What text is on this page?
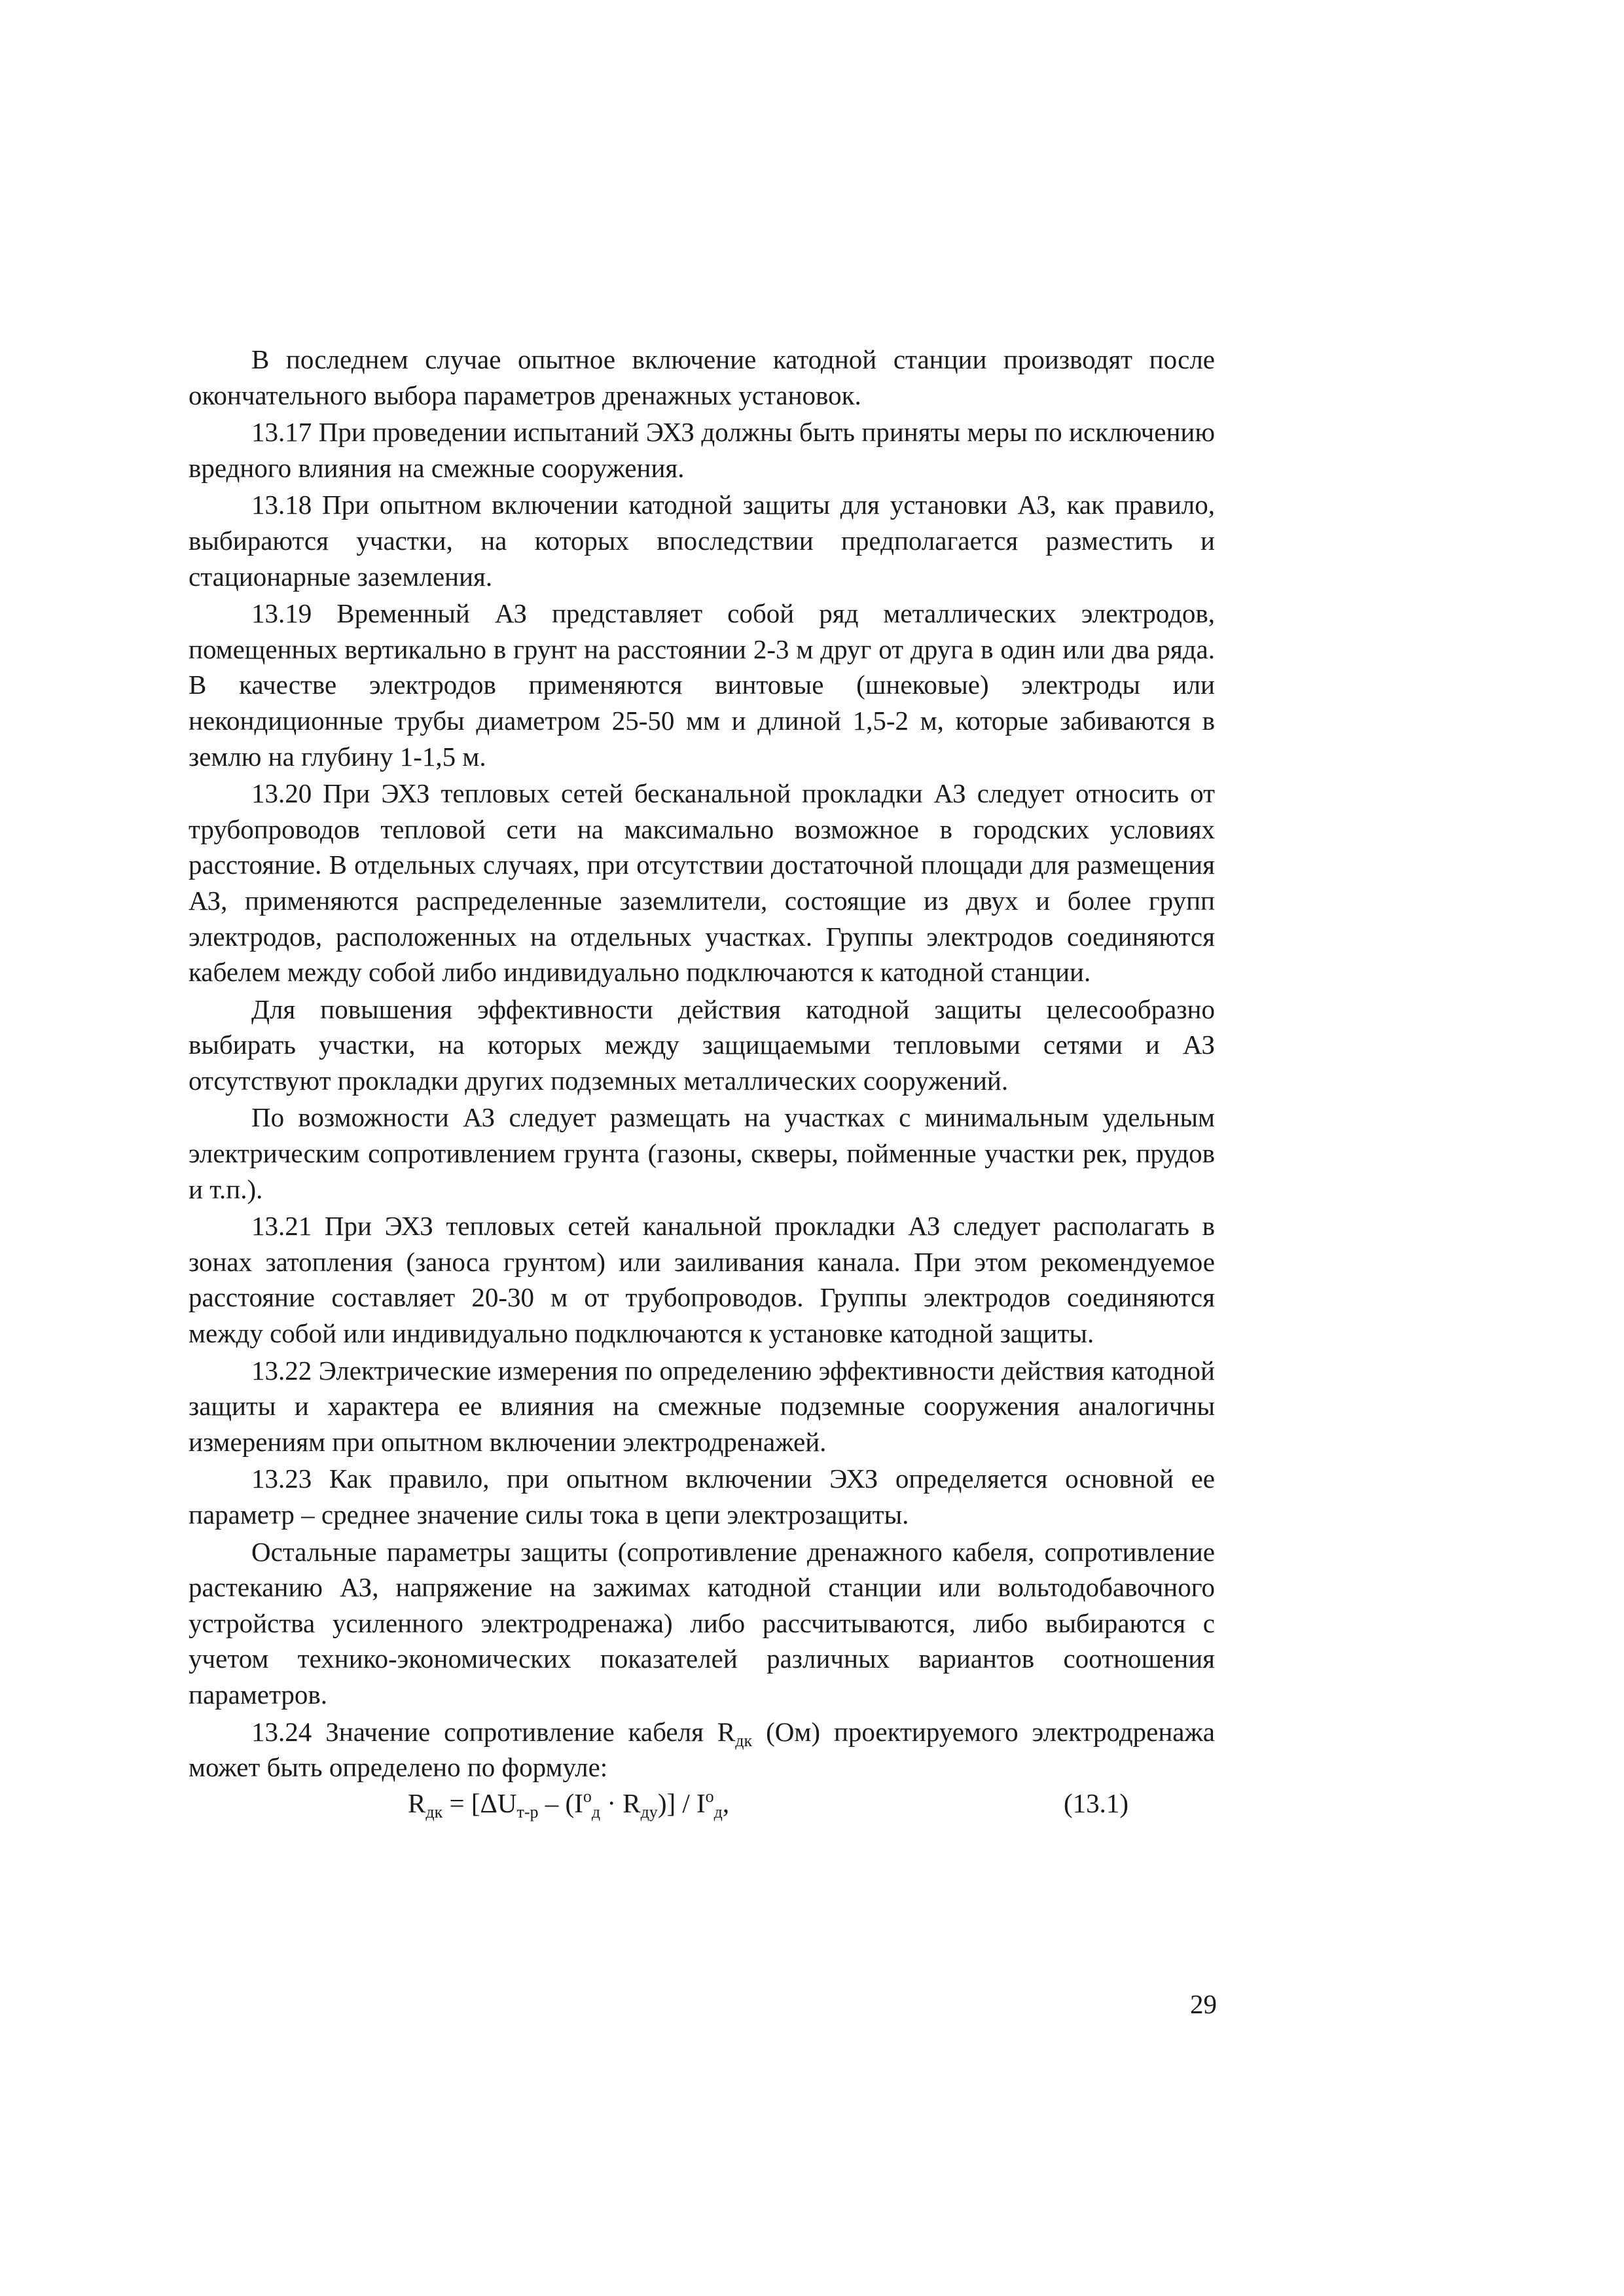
В последнем случае опытное включение катодной станции производят после окончательного выбора параметров дренажных установок.

13.17 При проведении испытаний ЭХЗ должны быть приняты меры по исключению вредного влияния на смежные сооружения.

13.18 При опытном включении катодной защиты для установки АЗ, как правило, выбираются участки, на которых впоследствии предполагается разместить и стационарные заземления.

13.19 Временный АЗ представляет собой ряд металлических электродов, помещенных вертикально в грунт на расстоянии 2-3 м друг от друга в один или два ряда. В качестве электродов применяются винтовые (шнековые) электроды или некондиционные трубы диаметром 25-50 мм и длиной 1,5-2 м, которые забиваются в землю на глубину 1-1,5 м.

13.20 При ЭХЗ тепловых сетей бесканальной прокладки АЗ следует относить от трубопроводов тепловой сети на максимально возможное в городских условиях расстояние. В отдельных случаях, при отсутствии достаточной площади для размещения АЗ, применяются распределенные заземлители, состоящие из двух и более групп электродов, расположенных на отдельных участках. Группы электродов соединяются кабелем между собой либо индивидуально подключаются к катодной станции.

Для повышения эффективности действия катодной защиты целесообразно выбирать участки, на которых между защищаемыми тепловыми сетями и АЗ отсутствуют прокладки других подземных металлических сооружений.

По возможности АЗ следует размещать на участках с минимальным удельным электрическим сопротивлением грунта (газоны, скверы, пойменные участки рек, прудов и т.п.).

13.21 При ЭХЗ тепловых сетей канальной прокладки АЗ следует располагать в зонах затопления (заноса грунтом) или заиливания канала. При этом рекомендуемое расстояние составляет 20-30 м от трубопроводов. Группы электродов соединяются между собой или индивидуально подключаются к установке катодной защиты.

13.22 Электрические измерения по определению эффективности действия катодной защиты и характера ее влияния на смежные подземные сооружения аналогичны измерениям при опытном включении электродренажей.

13.23 Как правило, при опытном включении ЭХЗ определяется основной ее параметр – среднее значение силы тока в цепи электрозащиты.

Остальные параметры защиты (сопротивление дренажного кабеля, сопротивление растеканию АЗ, напряжение на зажимах катодной станции или вольтодобавочного устройства усиленного электродренажа) либо рассчитываются, либо выбираются с учетом технико-экономических показателей различных вариантов соотношения параметров.

13.24 Значение сопротивление кабеля $R_{дк}$ (Ом) проектируемого электродренажа может быть определено по формуле:

$R_{дк} = [\Delta U_{т-р} - (I^o_д \cdot R_{ду})] / I^o_д$,	(13.1)
29
